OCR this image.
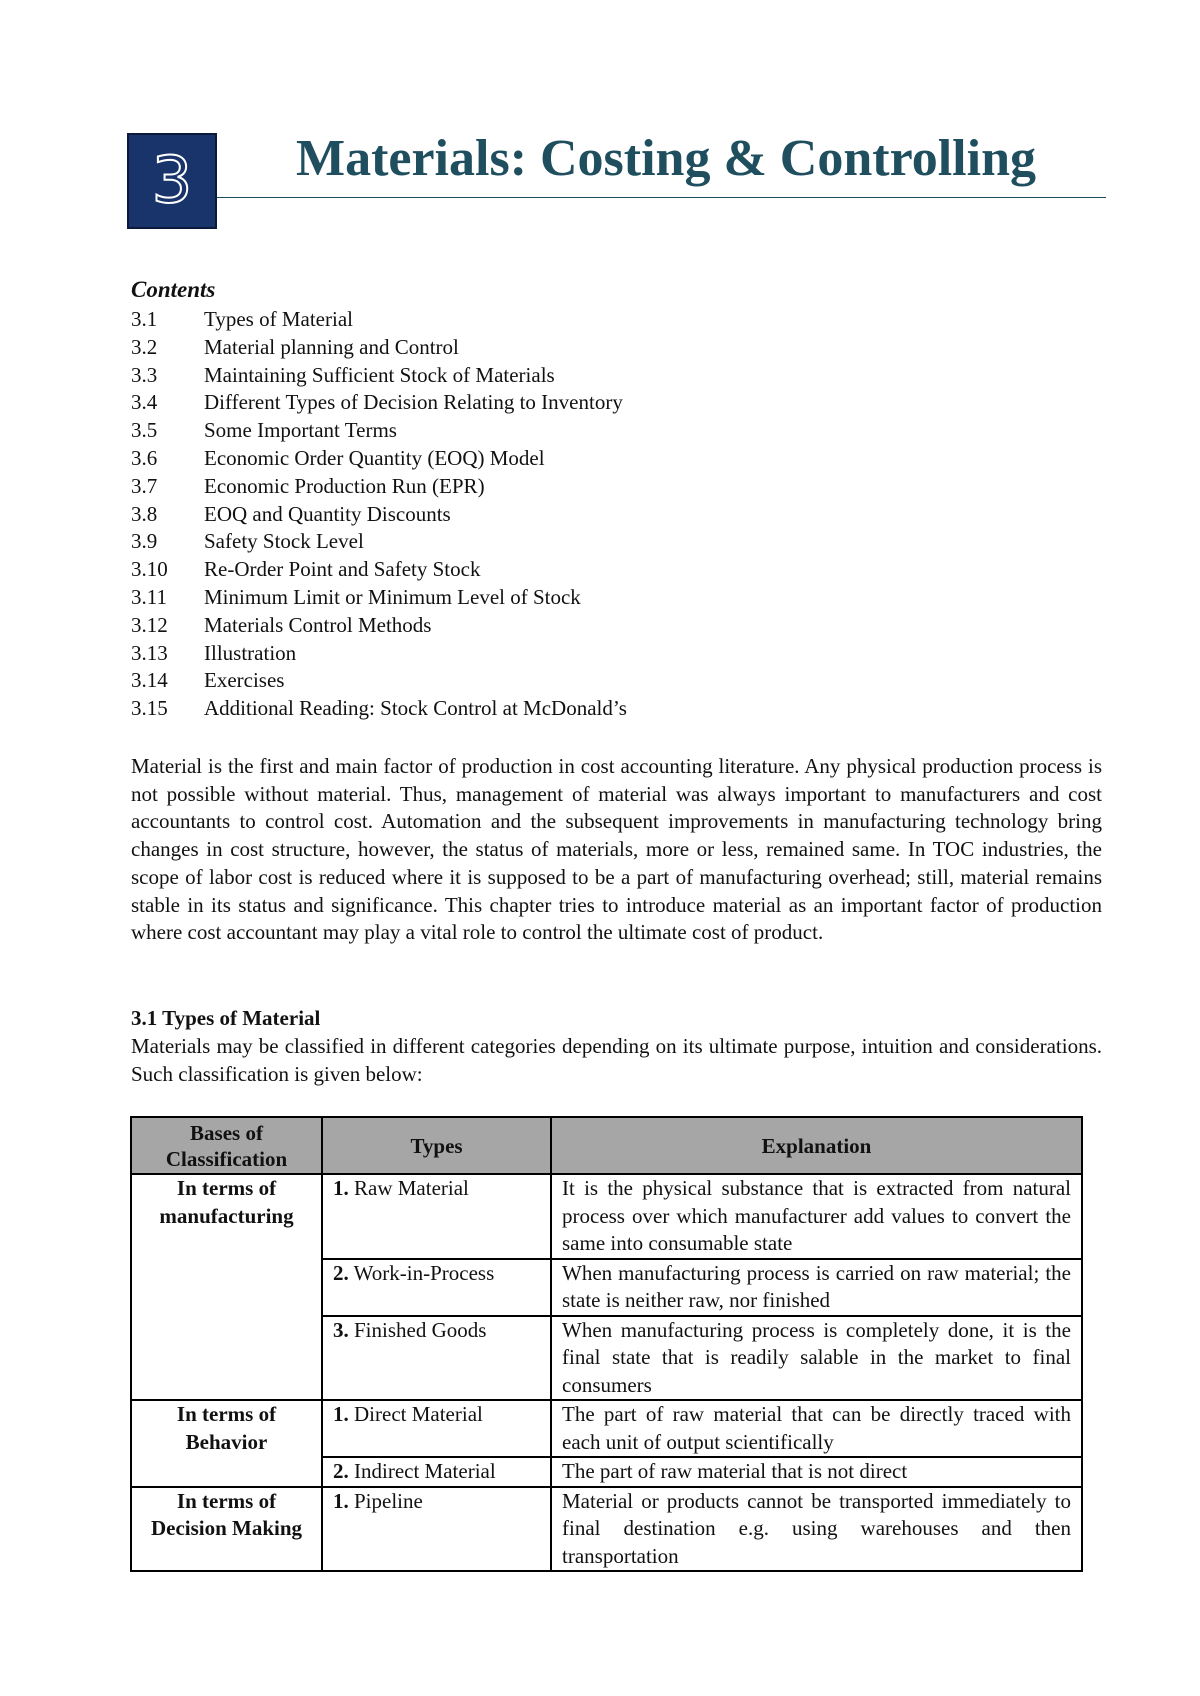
3 Materials: Costing & Controlling
Contents
3.1	Types of Material
3.2	Material planning and Control
3.3	Maintaining Sufficient Stock of Materials
3.4	Different Types of Decision Relating to Inventory
3.5	Some Important Terms
3.6	Economic Order Quantity (EOQ) Model
3.7	Economic Production Run (EPR)
3.8	EOQ and Quantity Discounts
3.9	Safety Stock Level
3.10	Re-Order Point and Safety Stock
3.11	Minimum Limit or Minimum Level of Stock
3.12	Materials Control Methods
3.13	Illustration
3.14	Exercises
3.15	Additional Reading: Stock Control at McDonald’s

Material is the first and main factor of production in cost accounting literature. Any physical production process is not possible without material. Thus, management of material was always important to manufacturers and cost accountants to control cost. Automation and the subsequent improvements in manufacturing technology bring changes in cost structure, however, the status of materials, more or less, remained same. In TOC industries, the scope of labor cost is reduced where it is supposed to be a part of manufacturing overhead; still, material remains stable in its status and significance. This chapter tries to introduce material as an important factor of production where cost accountant may play a vital role to control the ultimate cost of product.

3.1 Types of Material

Materials may be classified in different categories depending on its ultimate purpose, intuition and considerations. Such classification is given below:

Bases of Classification	Types	Explanation
In terms of manufacturing	1. Raw Material	It is the physical substance that is extracted from natural process over which manufacturer add values to convert the same into consumable state
	2. Work-in-Process	When manufacturing process is carried on raw material; the state is neither raw, nor finished
	3. Finished Goods	When manufacturing process is completely done, it is the final state that is readily salable in the market to final consumers
In terms of Behavior	1. Direct Material	The part of raw material that can be directly traced with each unit of output scientifically
	2. Indirect Material	The part of raw material that is not direct
In terms of Decision Making	1. Pipeline	Material or products cannot be transported immediately to final destination e.g. using warehouses and then transportation
